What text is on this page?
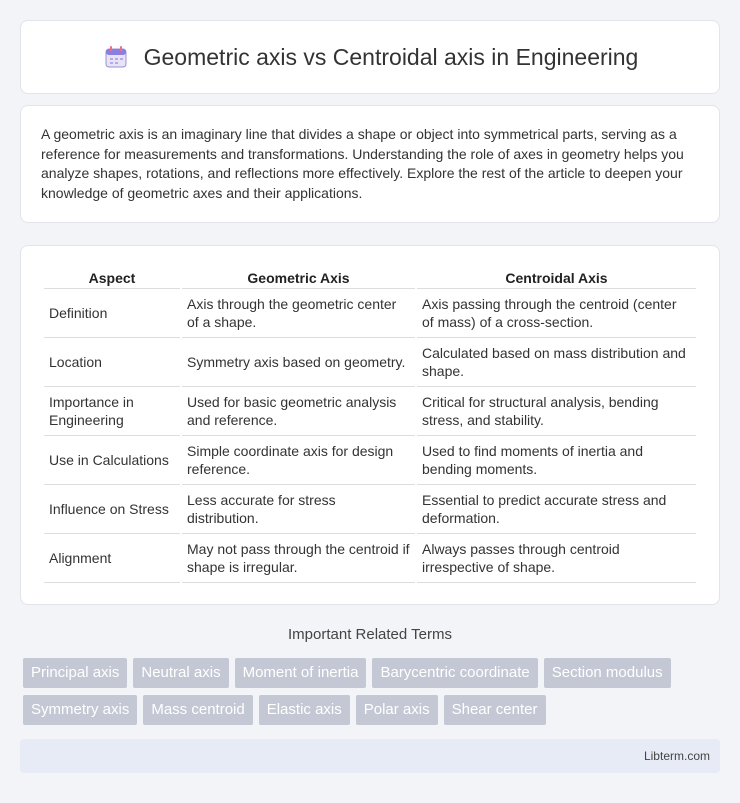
Geometric axis vs Centroidal axis in Engineering

A geometric axis is an imaginary line that divides a shape or object into symmetrical parts, serving as a reference for measurements and transformations. Understanding the role of axes in geometry helps you analyze shapes, rotations, and reflections more effectively. Explore the rest of the article to deepen your knowledge of geometric axes and their applications.

Aspect	Geometric Axis	Centroidal Axis
Definition	Axis through the geometric center of a shape.	Axis passing through the centroid (center of mass) of a cross-section.
Location	Symmetry axis based on geometry.	Calculated based on mass distribution and shape.
Importance in Engineering	Used for basic geometric analysis and reference.	Critical for structural analysis, bending stress, and stability.
Use in Calculations	Simple coordinate axis for design reference.	Used to find moments of inertia and bending moments.
Influence on Stress	Less accurate for stress distribution.	Essential to predict accurate stress and deformation.
Alignment	May not pass through the centroid if shape is irregular.	Always passes through centroid irrespective of shape.
Important Related Terms
Principal axis	Neutral axis	Moment of inertia	Barycentric coordinate	Section modulus
Symmetry axis	Mass centroid	Elastic axis	Polar axis	Shear center
Libterm.com
